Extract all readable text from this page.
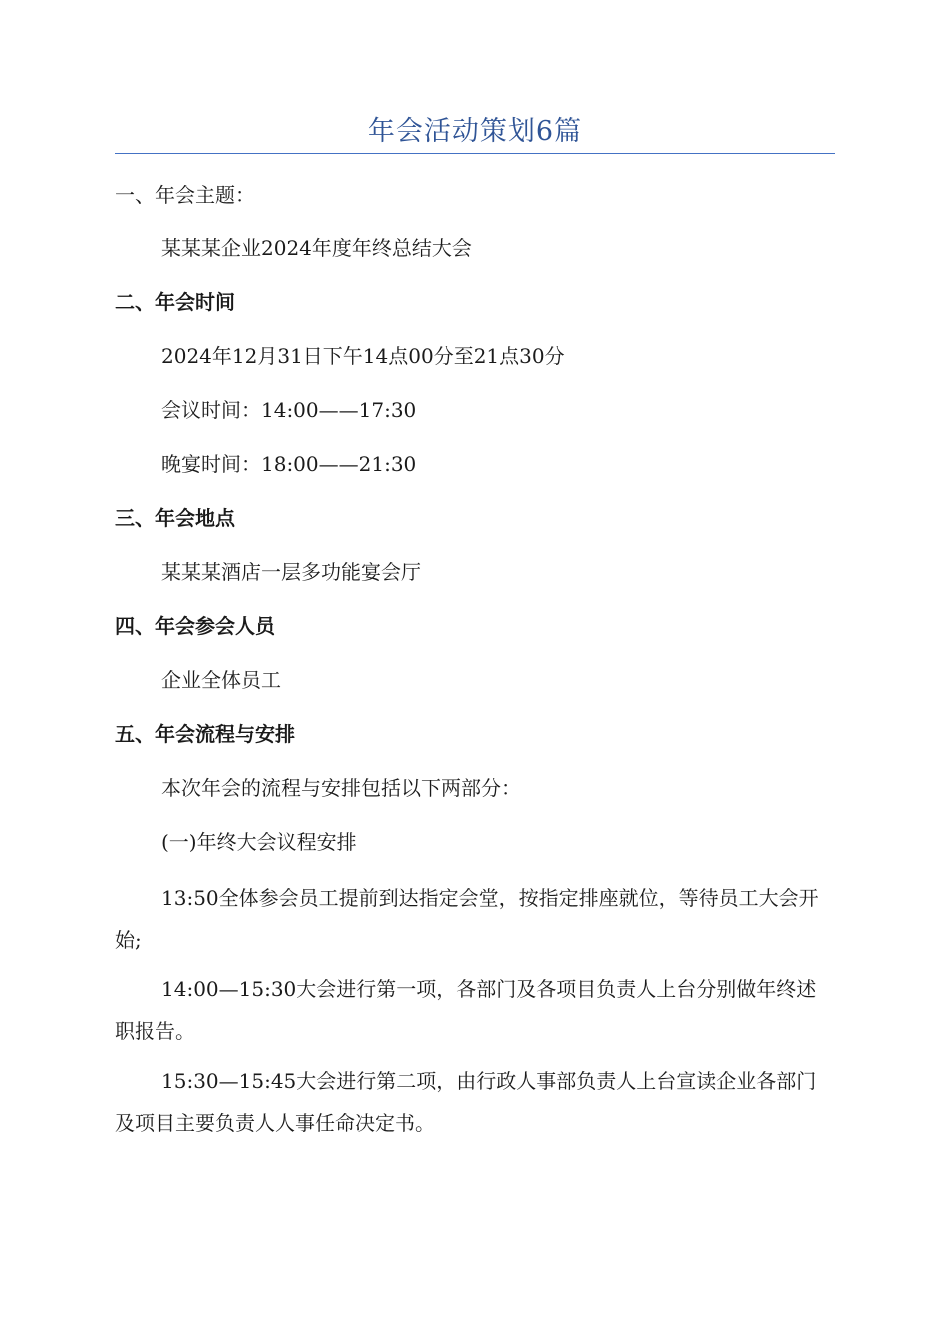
年会活动策划6篇
一、年会主题：
某某某企业2024年度年终总结大会
二、年会时间
2024年12月31日下午14点00分至21点30分
会议时间：14:00——17:30
晚宴时间：18:00——21:30
三、年会地点
某某某酒店一层多功能宴会厅
四、年会参会人员
企业全体员工
五、年会流程与安排
本次年会的流程与安排包括以下两部分：
(一)年终大会议程安排
13:50全体参会员工提前到达指定会堂，按指定排座就位，等待员工大会开始;
14:00—15:30大会进行第一项，各部门及各项目负责人上台分别做年终述职报告。
15:30—15:45大会进行第二项，由行政人事部负责人上台宣读企业各部门及项目主要负责人人事任命决定书。
